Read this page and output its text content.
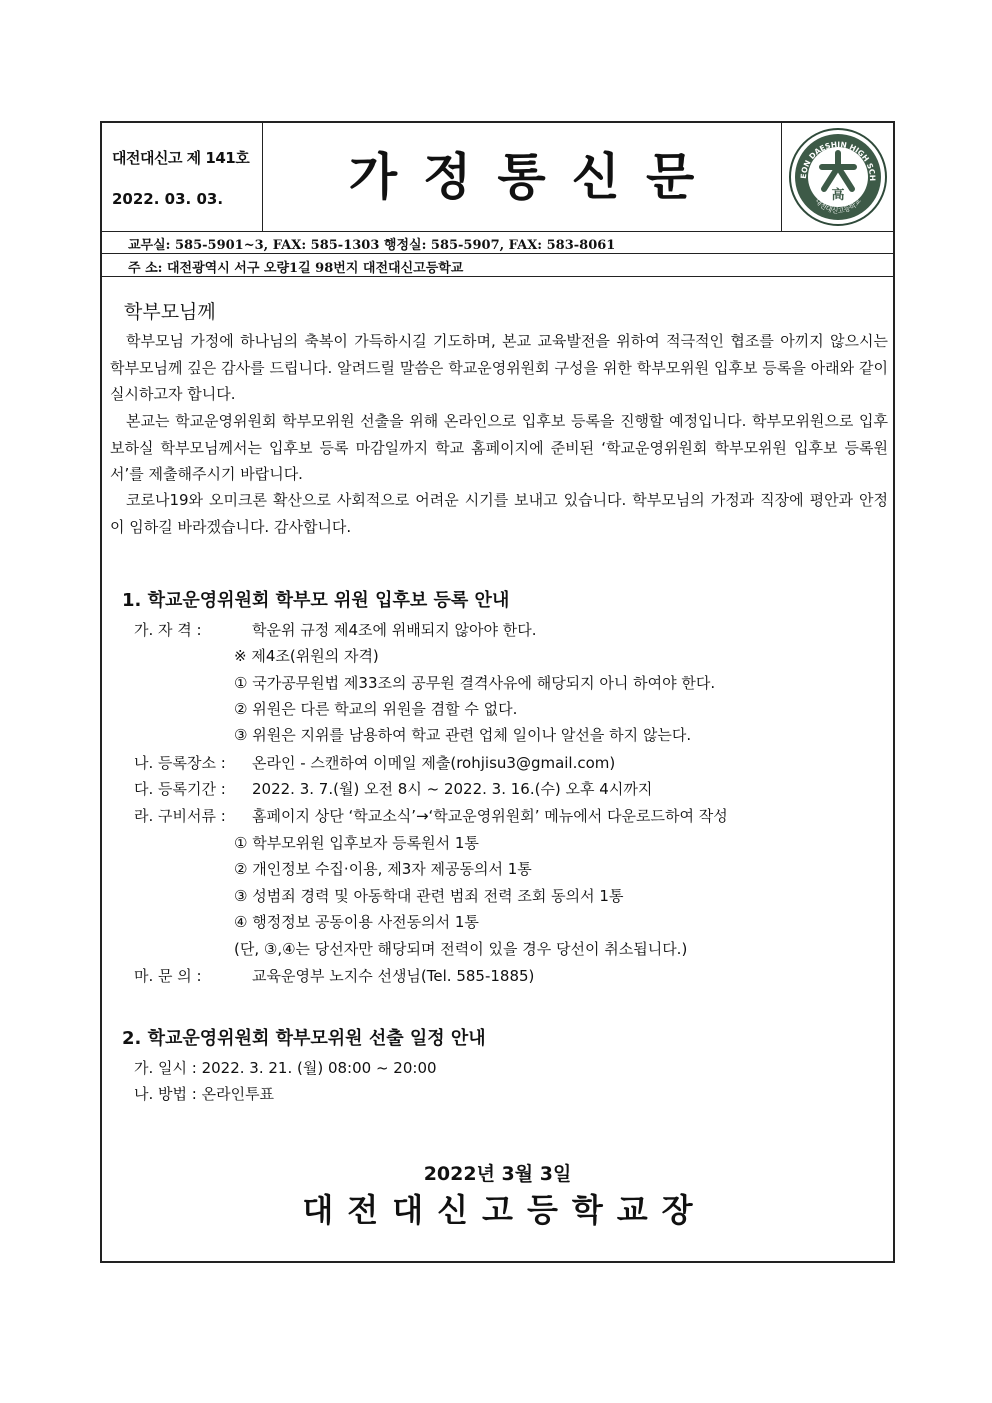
대전대신고 제 141호
2022. 03. 03.	가정통신문	EON DAESHIN HIGH SCH
대전대신고등학교
高
교무실: 585-5901~3, FAX: 585-1303 행정실: 585-5907, FAX: 583-8061
주 소: 대전광역시 서구 오량1길 98번지 대전대신고등학교
학부모님께

학부모님 가정에 하나님의 축복이 가득하시길 기도하며, 본교 교육발전을 위하여 적극적인 협조를 아끼지 않으시는 학부모님께 깊은 감사를 드립니다. 알려드릴 말씀은 학교운영위원회 구성을 위한 학부모위원 입후보 등록을 아래와 같이 실시하고자 합니다.

본교는 학교운영위원회 학부모위원 선출을 위해 온라인으로 입후보 등록을 진행할 예정입니다. 학부모위원으로 입후보하실 학부모님께서는 입후보 등록 마감일까지 학교 홈페이지에 준비된 ‘학교운영위원회 학부모위원 입후보 등록원서’를 제출해주시기 바랍니다.

코로나19와 오미크론 확산으로 사회적으로 어려운 시기를 보내고 있습니다. 학부모님의 가정과 직장에 평안과 안정이 임하길 바라겠습니다. 감사합니다.

1. 학교운영위원회 학부모 위원 입후보 등록 안내
가. 자 격 :	학운위 규정 제4조에 위배되지 않아야 한다.
※ 제4조(위원의 자격)
① 국가공무원법 제33조의 공무원 결격사유에 해당되지 아니 하여야 한다.
② 위원은 다른 학교의 위원을 겸할 수 없다.
③ 위원은 지위를 남용하여 학교 관련 업체 일이나 알선을 하지 않는다.
나. 등록장소 : 온라인 - 스캔하여 이메일 제출(rohjisu3@gmail.com)
다. 등록기간 : 2022. 3. 7.(월) 오전 8시 ~ 2022. 3. 16.(수) 오후 4시까지
라. 구비서류 : 홈페이지 상단 ‘학교소식’→‘학교운영위원회’ 메뉴에서 다운로드하여 작성
① 학부모위원 입후보자 등록원서 1통
② 개인정보 수집·이용, 제3자 제공동의서 1통
③ 성범죄 경력 및 아동학대 관련 범죄 전력 조회 동의서 1통
④ 행정정보 공동이용 사전동의서 1통
(단, ③,④는 당선자만 해당되며 전력이 있을 경우 당선이 취소됩니다.)
마. 문 의 :	교육운영부 노지수 선생님(Tel. 585-1885)
2. 학교운영위원회 학부모위원 선출 일정 안내
가. 일시 : 2022. 3. 21. (월) 08:00 ~ 20:00
나. 방법 : 온라인투표
2022년 3월 3일
대전대신고등학교장
